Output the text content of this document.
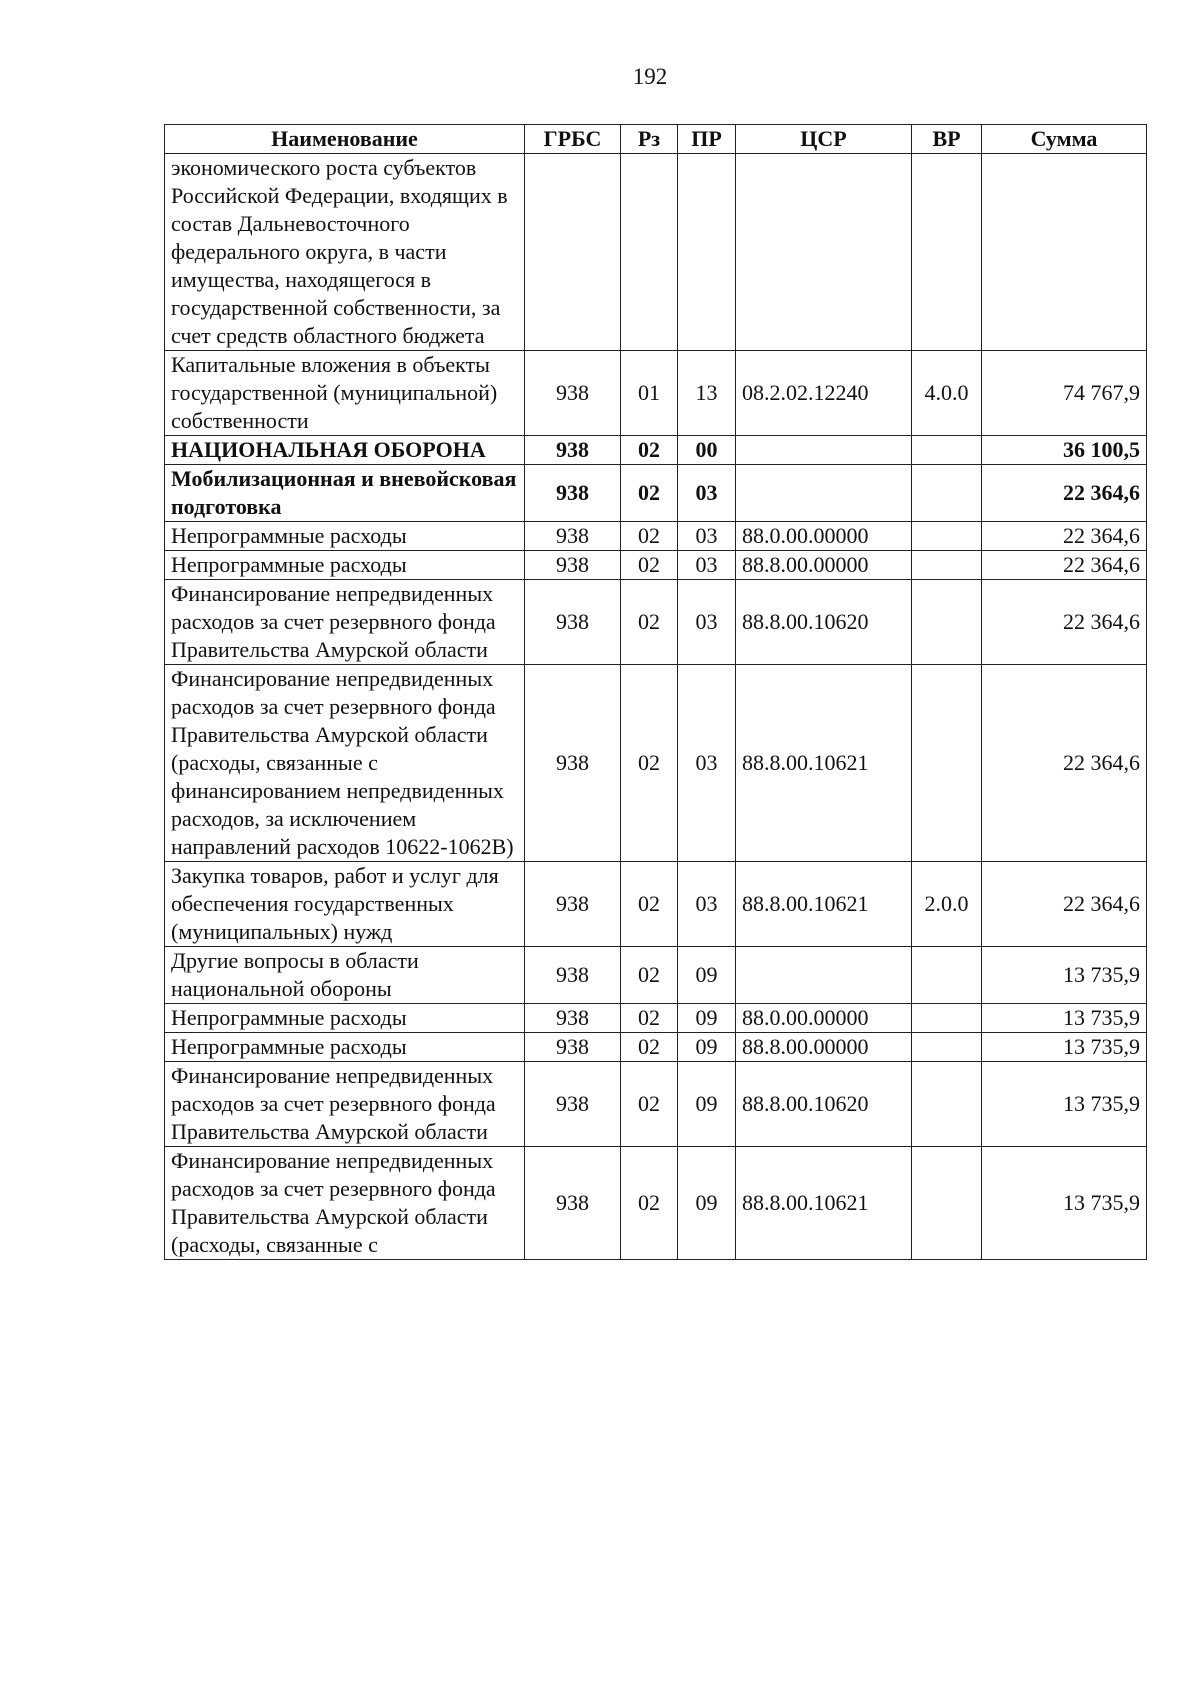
192
Наименование	ГРБС	Рз	ПР	ЦСР	ВР	Сумма
экономического роста субъектов Российской Федерации, входящих в состав Дальневосточного федерального округа, в части имущества, находящегося в государственной собственности, за счет средств областного бюджета						
Капитальные вложения в объекты государственной (муниципальной) собственности	938	01	13	08.2.02.12240	4.0.0	74 767,9
НАЦИОНАЛЬНАЯ ОБОРОНА	938	02	00			36 100,5
Мобилизационная и вневойсковая подготовка	938	02	03			22 364,6
Непрограммные расходы	938	02	03	88.0.00.00000		22 364,6
Непрограммные расходы	938	02	03	88.8.00.00000		22 364,6
Финансирование непредвиденных расходов за счет резервного фонда Правительства Амурской области	938	02	03	88.8.00.10620		22 364,6
Финансирование непредвиденных расходов за счет резервного фонда Правительства Амурской области (расходы, связанные с финансированием непредвиденных расходов, за исключением направлений расходов 10622-1062В)	938	02	03	88.8.00.10621		22 364,6
Закупка товаров, работ и услуг для обеспечения государственных (муниципальных) нужд	938	02	03	88.8.00.10621	2.0.0	22 364,6
Другие вопросы в области национальной обороны	938	02	09			13 735,9
Непрограммные расходы	938	02	09	88.0.00.00000		13 735,9
Непрограммные расходы	938	02	09	88.8.00.00000		13 735,9
Финансирование непредвиденных расходов за счет резервного фонда Правительства Амурской области	938	02	09	88.8.00.10620		13 735,9
Финансирование непредвиденных расходов за счет резервного фонда Правительства Амурской области (расходы, связанные с	938	02	09	88.8.00.10621		13 735,9
